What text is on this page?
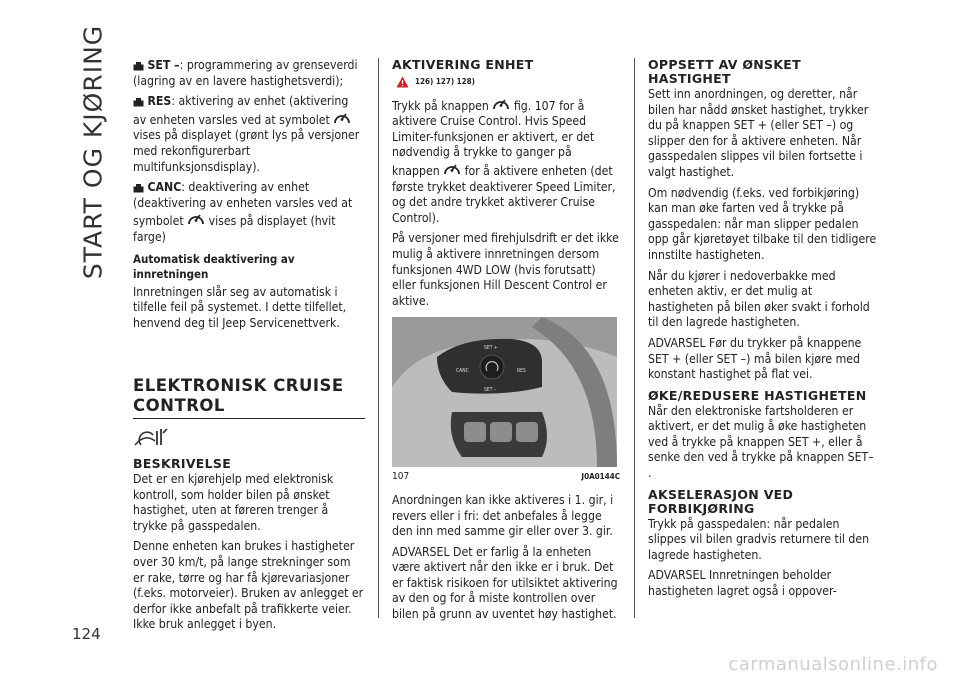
START OG KJØRING	SET –: programmering av grenseverdi (lagring av en lavere hastighetsverdi);

RES: aktivering av enhet (aktivering av enheten varsles ved at symbolet  vises på displayet (grønt lys på versjoner med rekonfigurerbart multifunksjonsdisplay).

CANC: deaktivering av enhet (deaktivering av enheten varsles ved at symbolet vises på displayet (hvit farge)

Automatisk deaktivering av innretningen

Innretningen slår seg av automatisk i tilfelle feil på systemet. I dette tilfellet, henvend deg til Jeep Servicenettverk.

ELEKTRONISK CRUISE CONTROL
BESKRIVELSE

Det er en kjørehjelp med elektronisk kontroll, som holder bilen på ønsket hastighet, uten at føreren trenger å trykke på gasspedalen.

Denne enheten kan brukes i hastigheter over 30 km/t, på lange strekninger som er rake, tørre og har få kjørevariasjoner (f.eks. motorveier). Bruken av anlegget er derfor ikke anbefalt på trafikkerte veier. Ikke bruk anlegget i byen.

AKTIVERING ENHET
126) 127) 128)

Trykk på knappen fig. 107 for å aktivere Cruise Control. Hvis Speed Limiter-funksjonen er aktivert, er det nødvendig å trykke to ganger på knappen for å aktivere enheten (det første trykket deaktiverer Speed Limiter, og det andre trykket aktiverer Cruise Control).

På versjoner med firehjulsdrift er det ikke mulig å aktivere innretningen dersom funksjonen 4WD LOW (hvis forutsatt) eller funksjonen Hill Descent Control er aktive.

SET +
CANC	RES
SET –
107	J0A0144C

Anordningen kan ikke aktiveres i 1. gir, i revers eller i fri: det anbefales å legge den inn med samme gir eller over 3. gir.

ADVARSEL Det er farlig å la enheten være aktivert når den ikke er i bruk. Det er faktisk risikoen for utilsiktet aktivering av den og for å miste kontrollen over bilen på grunn av uventet høy hastighet.

OPPSETT AV ØNSKET HASTIGHET

Sett inn anordningen, og deretter, når bilen har nådd ønsket hastighet, trykker du på knappen SET + (eller SET –) og slipper den for å aktivere enheten. Når gasspedalen slippes vil bilen fortsette i valgt hastighet.

Om nødvendig (f.eks. ved forbikjøring) kan man øke farten ved å trykke på gasspedalen: når man slipper pedalen opp går kjøretøyet tilbake til den tidligere innstilte hastigheten.

Når du kjører i nedoverbakke med enheten aktiv, er det mulig at hastigheten på bilen øker svakt i forhold til den lagrede hastigheten.

ADVARSEL Før du trykker på knappene SET + (eller SET –) må bilen kjøre med konstant hastighet på flat vei.

ØKE/REDUSERE HASTIGHETEN

Når den elektroniske fartsholderen er aktivert, er det mulig å øke hastigheten ved å trykke på knappen SET +, eller å senke den ved å trykke på knappen SET– .

AKSELERASJON VED FORBIKJØRING

Trykk på gasspedalen: når pedalen slippes vil bilen gradvis returnere til den lagrede hastigheten.

ADVARSEL Innretningen beholder hastigheten lagret også i oppover-

124
carmanualsonline.info
